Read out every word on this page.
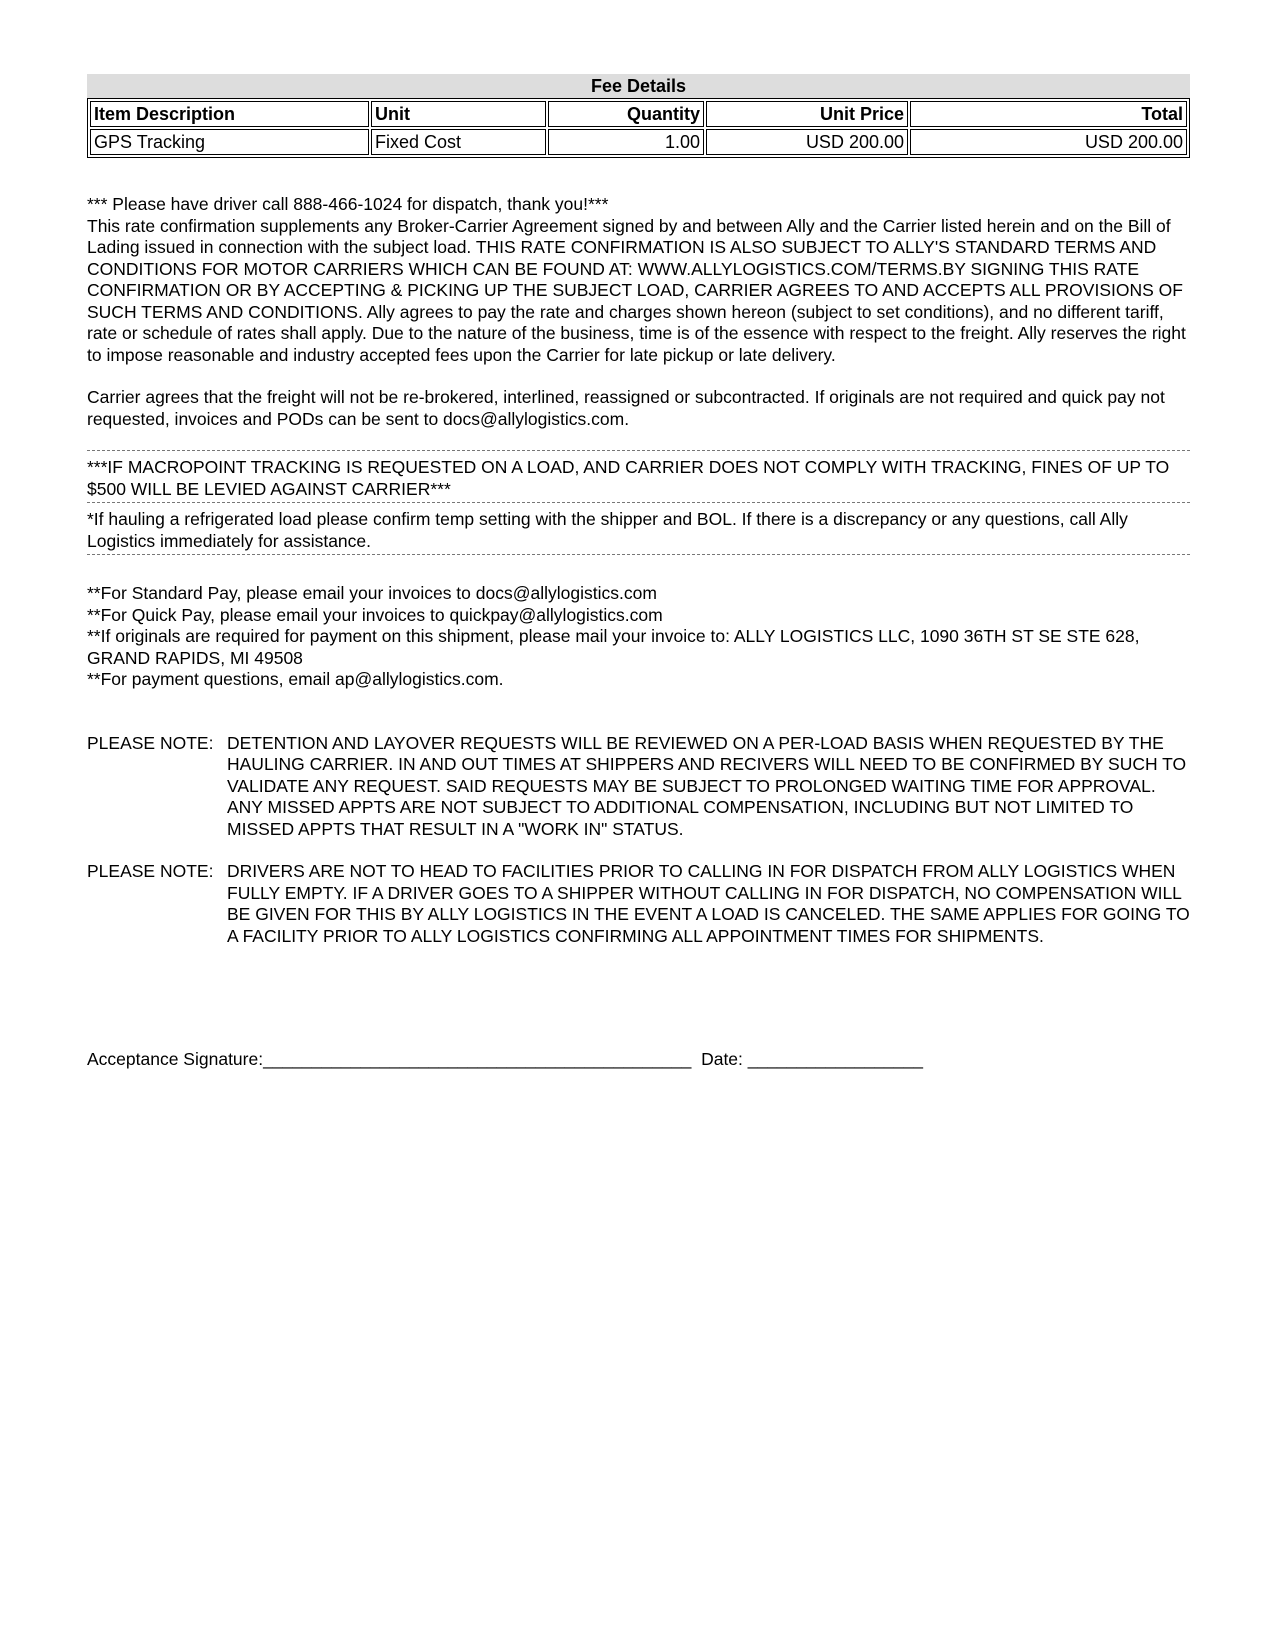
Fee Details
Item Description	Unit	Quantity	Unit Price	Total
GPS Tracking	Fixed Cost	1.00	USD 200.00	USD 200.00

*** Please have driver call 888-466-1024 for dispatch, thank you!***

This rate confirmation supplements any Broker-Carrier Agreement signed by and between Ally and the Carrier listed herein and on the Bill of Lading issued in connection with the subject load. THIS RATE CONFIRMATION IS ALSO SUBJECT TO ALLY'S STANDARD TERMS AND CONDITIONS FOR MOTOR CARRIERS WHICH CAN BE FOUND AT: WWW.ALLYLOGISTICS.COM/TERMS.BY SIGNING THIS RATE CONFIRMATION OR BY ACCEPTING & PICKING UP THE SUBJECT LOAD, CARRIER AGREES TO AND ACCEPTS ALL PROVISIONS OF SUCH TERMS AND CONDITIONS. Ally agrees to pay the rate and charges shown hereon (subject to set conditions), and no different tariff, rate or schedule of rates shall apply. Due to the nature of the business, time is of the essence with respect to the freight. Ally reserves the right to impose reasonable and industry accepted fees upon the Carrier for late pickup or late delivery.

Carrier agrees that the freight will not be re-brokered, interlined, reassigned or subcontracted. If originals are not required and quick pay not requested, invoices and PODs can be sent to docs@allylogistics.com.

***IF MACROPOINT TRACKING IS REQUESTED ON A LOAD, AND CARRIER DOES NOT COMPLY WITH TRACKING, FINES OF UP TO $500 WILL BE LEVIED AGAINST CARRIER***

*If hauling a refrigerated load please confirm temp setting with the shipper and BOL. If there is a discrepancy or any questions, call Ally Logistics immediately for assistance.

**For Standard Pay, please email your invoices to docs@allylogistics.com

**For Quick Pay, please email your invoices to quickpay@allylogistics.com

**If originals are required for payment on this shipment, please mail your invoice to: ALLY LOGISTICS LLC, 1090 36TH ST SE STE 628, GRAND RAPIDS, MI 49508

**For payment questions, email ap@allylogistics.com.

PLEASE NOTE: DETENTION AND LAYOVER REQUESTS WILL BE REVIEWED ON A PER-LOAD BASIS WHEN REQUESTED BY THE HAULING CARRIER. IN AND OUT TIMES AT SHIPPERS AND RECIVERS WILL NEED TO BE CONFIRMED BY SUCH TO VALIDATE ANY REQUEST. SAID REQUESTS MAY BE SUBJECT TO PROLONGED WAITING TIME FOR APPROVAL. ANY MISSED APPTS ARE NOT SUBJECT TO ADDITIONAL COMPENSATION, INCLUDING BUT NOT LIMITED TO MISSED APPTS THAT RESULT IN A "WORK IN" STATUS.
PLEASE NOTE: DRIVERS ARE NOT TO HEAD TO FACILITIES PRIOR TO CALLING IN FOR DISPATCH FROM ALLY LOGISTICS WHEN FULLY EMPTY. IF A DRIVER GOES TO A SHIPPER WITHOUT CALLING IN FOR DISPATCH, NO COMPENSATION WILL BE GIVEN FOR THIS BY ALLY LOGISTICS IN THE EVENT A LOAD IS CANCELED. THE SAME APPLIES FOR GOING TO A FACILITY PRIOR TO ALLY LOGISTICS CONFIRMING ALL APPOINTMENT TIMES FOR SHIPMENTS.
Acceptance Signature:____________________________________________ Date: __________________
